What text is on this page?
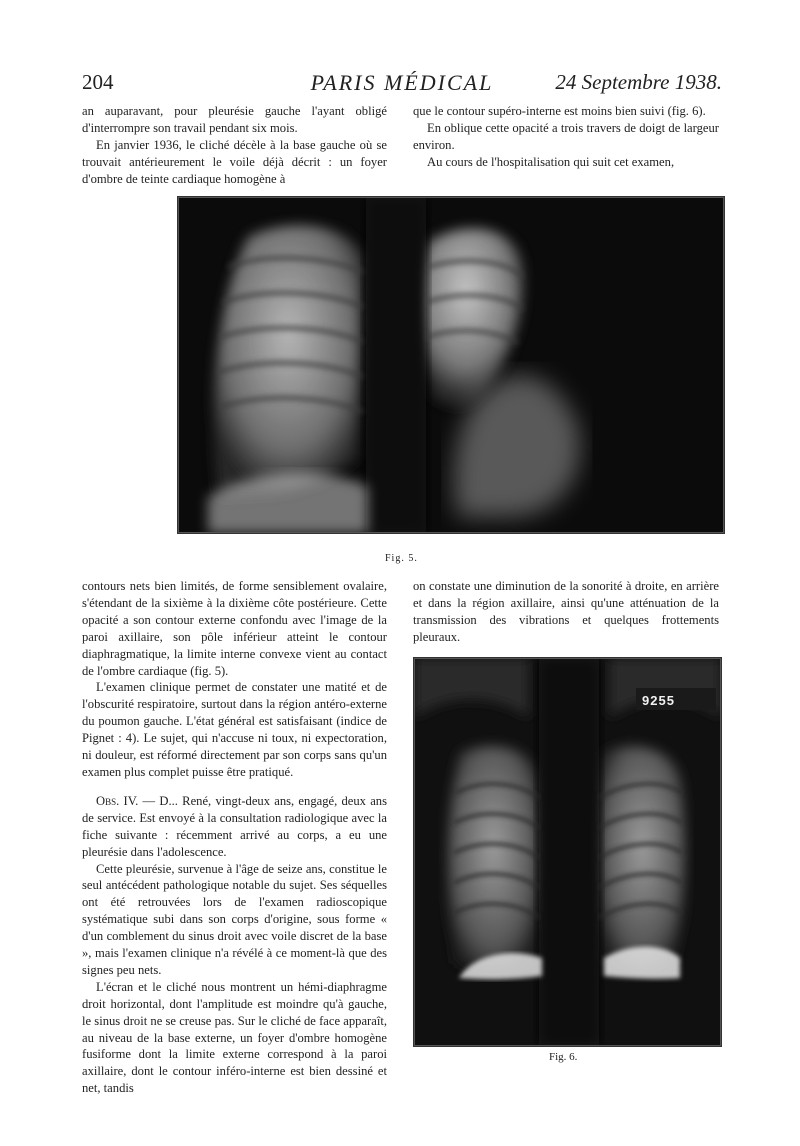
204	PARIS MÉDICAL	24 Septembre 1938.

an auparavant, pour pleurésie gauche l'ayant obligé d'interrompre son travail pendant six mois.

En janvier 1936, le cliché décèle à la base gauche où se trouvait antérieurement le voile déjà décrit : un foyer d'ombre de teinte cardiaque homogène à

que le contour supéro-interne est moins bien suivi (fig. 6).

En oblique cette opacité a trois travers de doigt de largeur environ.

Au cours de l'hospitalisation qui suit cet examen,

Fig. 5.

contours nets bien limités, de forme sensiblement ovalaire, s'étendant de la sixième à la dixième côte postérieure. Cette opacité a son contour externe confondu avec l'image de la paroi axillaire, son pôle inférieur atteint le contour diaphragmatique, la limite interne convexe vient au contact de l'ombre cardiaque (fig. 5).

L'examen clinique permet de constater une matité et de l'obscurité respiratoire, surtout dans la région antéro-externe du poumon gauche. L'état général est satisfaisant (indice de Pignet : 4). Le sujet, qui n'accuse ni toux, ni expectoration, ni douleur, est réformé directement par son corps sans qu'un examen plus complet puisse être pratiqué.

Obs. IV. — D... René, vingt-deux ans, engagé, deux ans de service. Est envoyé à la consultation radiologique avec la fiche suivante : récemment arrivé au corps, a eu une pleurésie dans l'adolescence.

Cette pleurésie, survenue à l'âge de seize ans, constitue le seul antécédent pathologique notable du sujet. Ses séquelles ont été retrouvées lors de l'examen radioscopique systématique subi dans son corps d'origine, sous forme « d'un comblement du sinus droit avec voile discret de la base », mais l'examen clinique n'a révélé à ce moment-là que des signes peu nets.

L'écran et le cliché nous montrent un hémi-diaphragme droit horizontal, dont l'amplitude est moindre qu'à gauche, le sinus droit ne se creuse pas. Sur le cliché de face apparaît, au niveau de la base externe, un foyer d'ombre homogène fusiforme dont la limite externe correspond à la paroi axillaire, dont le contour inféro-interne est bien dessiné et net, tandis

on constate une diminution de la sonorité à droite, en arrière et dans la région axillaire, ainsi qu'une atténuation de la transmission des vibrations et quelques frottements pleuraux.

9255
Fig. 6.
